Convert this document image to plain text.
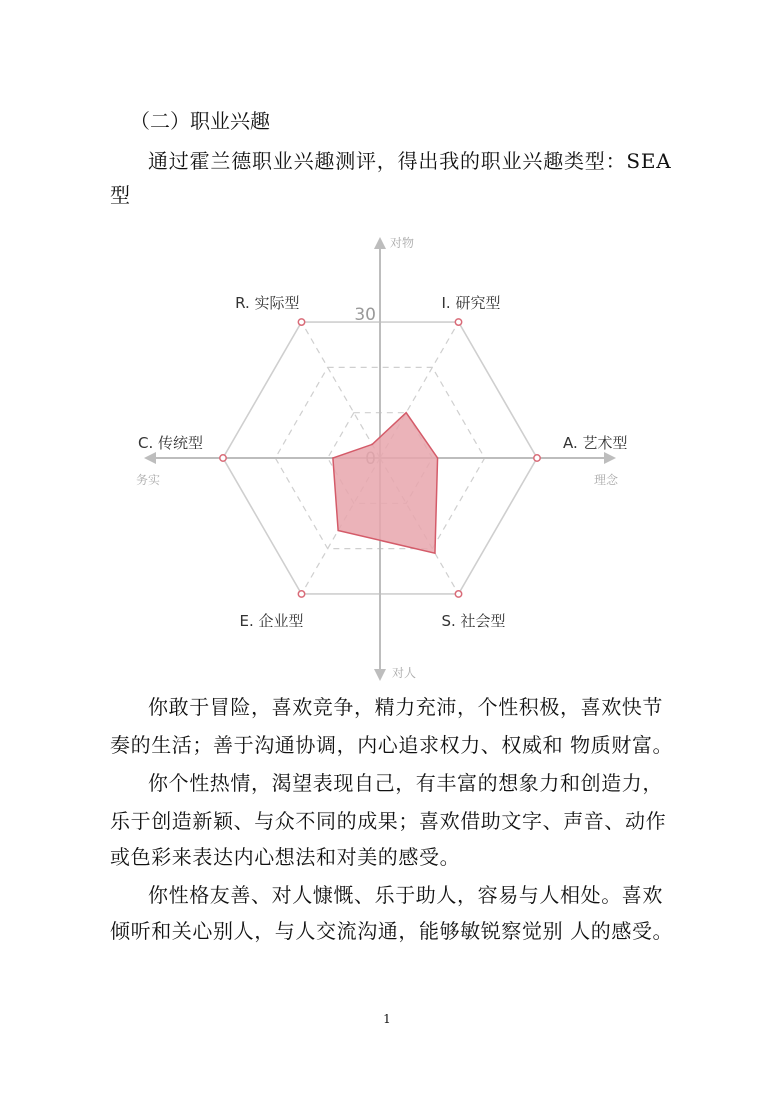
（二）职业兴趣

通过霍兰德职业兴趣测评，得出我的职业兴趣类型：SEA

型

30
R. 实际型	I. 研究型
A. 艺术型
S. 社会型
E. 企业型
C. 传统型
对物
对人
务实	理念

你敢于冒险，喜欢竞争，精力充沛，个性积极，喜欢快节

奏的生活；善于沟通协调，内心追求权力、权威和 物质财富。

你个性热情，渴望表现自己，有丰富的想象力和创造力，

乐于创造新颖、与众不同的成果；喜欢借助文字、声音、动作

或色彩来表达内心想法和对美的感受。

你性格友善、对人慷慨、乐于助人，容易与人相处。喜欢

倾听和关心别人，与人交流沟通，能够敏锐察觉别 人的感受。

1
